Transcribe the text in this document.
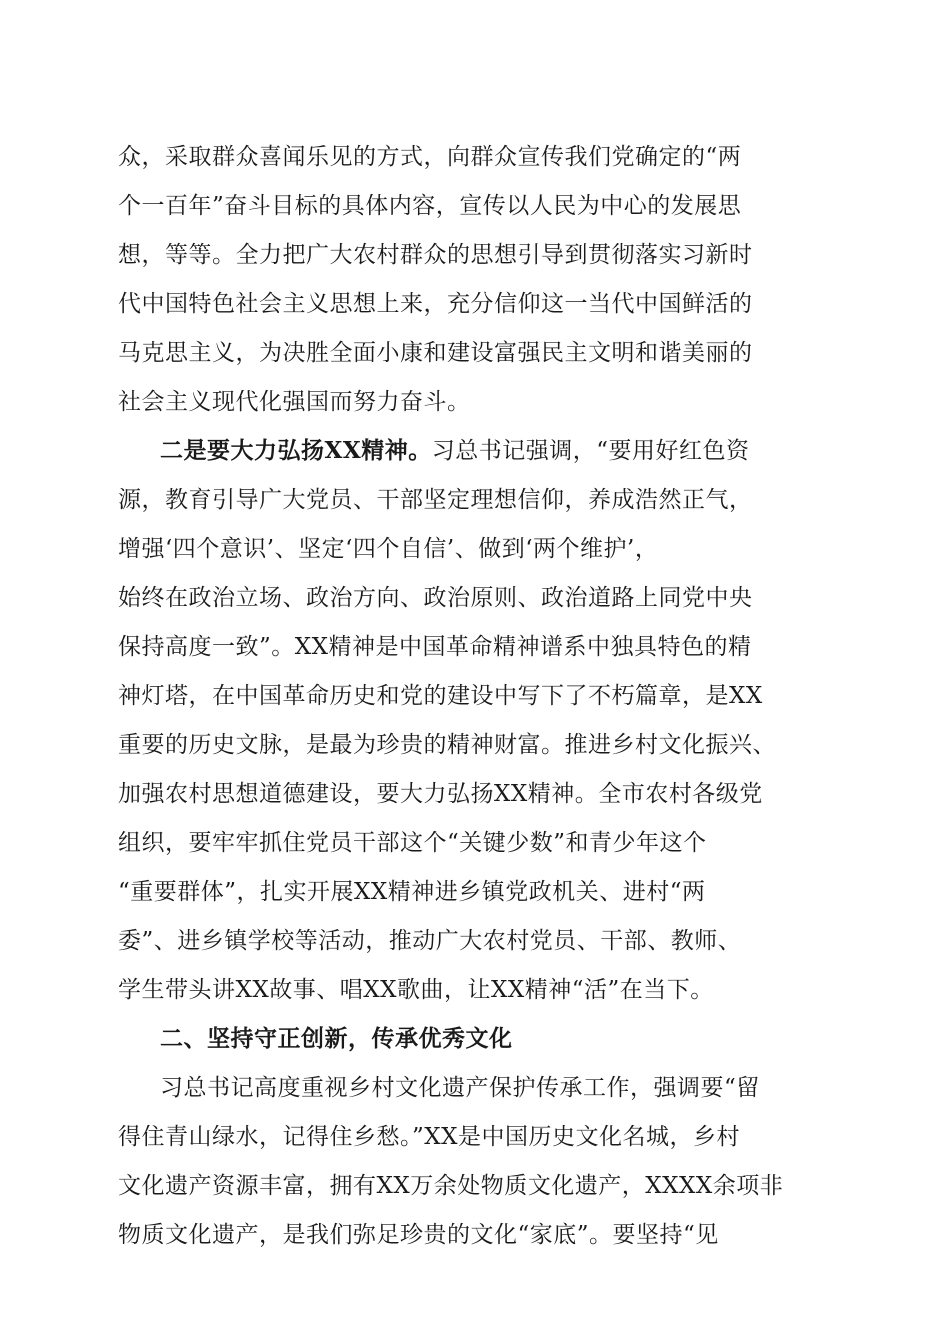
众，采取群众喜闻乐见的方式，向群众宣传我们党确定的“两
个一百年”奋斗目标的具体内容，宣传以人民为中心的发展思
想，等等。全力把广大农村群众的思想引导到贯彻落实习新时
代中国特色社会主义思想上来，充分信仰这一当代中国鲜活的
马克思主义，为决胜全面小康和建设富强民主文明和谐美丽的
社会主义现代化强国而努力奋斗。
二是要大力弘扬XX精神。习总书记强调，“要用好红色资
源，教育引导广大党员、干部坚定理想信仰，养成浩然正气，
增强‘四个意识’、坚定‘四个自信’、做到‘两个维护’，
始终在政治立场、政治方向、政治原则、政治道路上同党中央
保持高度一致”。XX精神是中国革命精神谱系中独具特色的精
神灯塔，在中国革命历史和党的建设中写下了不朽篇章，是XX
重要的历史文脉，是最为珍贵的精神财富。推进乡村文化振兴、
加强农村思想道德建设，要大力弘扬XX精神。全市农村各级党
组织，要牢牢抓住党员干部这个“关键少数”和青少年这个
“重要群体”，扎实开展XX精神进乡镇党政机关、进村“两
委”、进乡镇学校等活动，推动广大农村党员、干部、教师、
学生带头讲XX故事、唱XX歌曲，让XX精神“活”在当下。
二、坚持守正创新，传承优秀文化
习总书记高度重视乡村文化遗产保护传承工作，强调要“留
得住青山绿水，记得住乡愁。”XX是中国历史文化名城，乡村
文化遗产资源丰富，拥有XX万余处物质文化遗产，XXXX余项非
物质文化遗产，是我们弥足珍贵的文化“家底”。要坚持“见
